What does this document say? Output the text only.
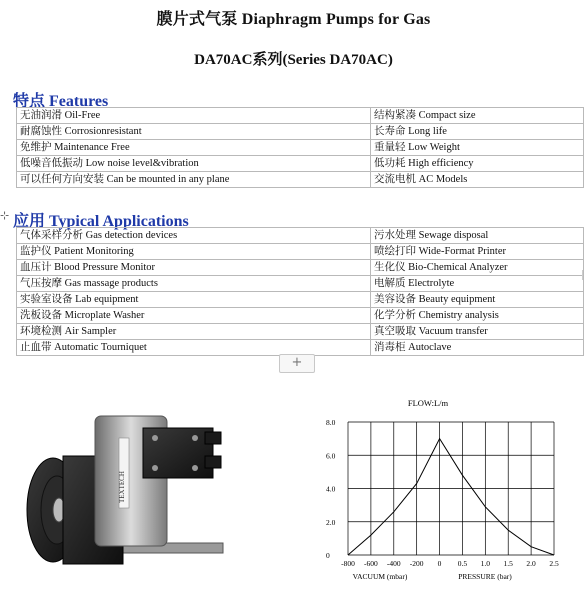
膜片式气泵 Diaphragm Pumps for Gas
DA70AC系列(Series DA70AC)
特点 Features
无油润滑 Oil-Free	结构紧凑 Compact size
耐腐蚀性 Corrosionresistant	长寿命 Long life
免维护 Maintenance Free	重量轻 Low Weight
低噪音低振动 Low noise level&vibration	低功耗 High efficiency
可以任何方向安装 Can be mounted in any plane	交流电机 AC Models
⊹ 应用 Typical Applications
气体采样分析 Gas detection devices	污水处理 Sewage disposal
监护仪 Patient Monitoring	喷绘打印 Wide-Format Printer
血压计 Blood Pressure Monitor	生化仪 Bio-Chemical Analyzer
气压按摩 Gas massage products	电解质 Electrolyte
实验室设备 Lab equipment	美容设备 Beauty equipment
洗板设备 Microplate Washer	化学分析 Chemistry analysis
环境检测 Air Sampler	真空吸取 Vacuum transfer
止血带 Automatic Tourniquet	消毒柜 Autoclave
+
TEXTECH
FLOW:L/m
-800 -600 -400 -200 0 0.5 1.0 1.5 2.0 2.5
0
2.0
4.0
6.0
8.0
VACUUM (mbar)	PRESSURE (bar)
